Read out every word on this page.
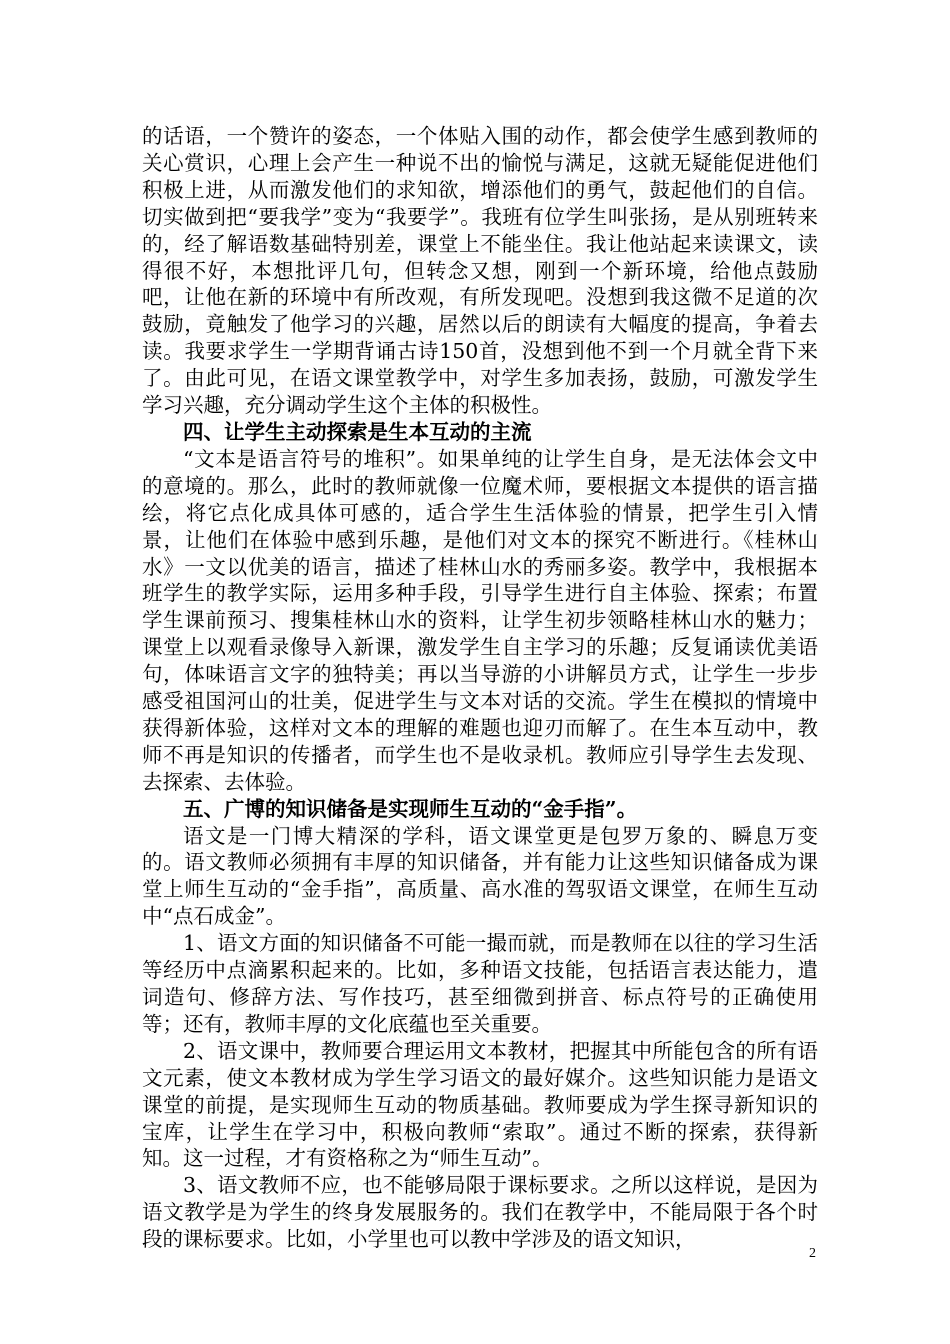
的话语，一个赞许的姿态，一个体贴入围的动作，都会使学生感到教师的关心赏识，心理上会产生一种说不出的愉悦与满足，这就无疑能促进他们积极上进，从而激发他们的求知欲，增添他们的勇气，鼓起他们的自信。切实做到把“要我学”变为“我要学”。我班有位学生叫张扬，是从别班转来的，经了解语数基础特别差，课堂上不能坐住。我让他站起来读课文，读得很不好，本想批评几句，但转念又想，刚到一个新环境，给他点鼓励吧，让他在新的环境中有所改观，有所发现吧。没想到我这微不足道的次鼓励，竟触发了他学习的兴趣，居然以后的朗读有大幅度的提高，争着去读。我要求学生一学期背诵古诗150首，没想到他不到一个月就全背下来了。由此可见，在语文课堂教学中，对学生多加表扬，鼓励，可激发学生学习兴趣，充分调动学生这个主体的积极性。

四、让学生主动探索是生本互动的主流

“文本是语言符号的堆积”。如果单纯的让学生自身，是无法体会文中的意境的。那么，此时的教师就像一位魔术师，要根据文本提供的语言描绘，将它点化成具体可感的，适合学生生活体验的情景，把学生引入情景，让他们在体验中感到乐趣，是他们对文本的探究不断进行。《桂林山水》一文以优美的语言，描述了桂林山水的秀丽多姿。教学中，我根据本班学生的教学实际，运用多种手段，引导学生进行自主体验、探索；布置学生课前预习、搜集桂林山水的资料，让学生初步领略桂林山水的魅力；课堂上以观看录像导入新课，激发学生自主学习的乐趣；反复诵读优美语句，体味语言文字的独特美；再以当导游的小讲解员方式，让学生一步步感受祖国河山的壮美，促进学生与文本对话的交流。学生在模拟的情境中获得新体验，这样对文本的理解的难题也迎刃而解了。在生本互动中，教师不再是知识的传播者，而学生也不是收录机。教师应引导学生去发现、去探索、去体验。

五、广博的知识储备是实现师生互动的“金手指”。

语文是一门博大精深的学科，语文课堂更是包罗万象的、瞬息万变的。语文教师必须拥有丰厚的知识储备，并有能力让这些知识储备成为课堂上师生互动的“金手指”，高质量、高水准的驾驭语文课堂，在师生互动中“点石成金”。

1、语文方面的知识储备不可能一撮而就，而是教师在以往的学习生活等经历中点滴累积起来的。比如，多种语文技能，包括语言表达能力，遣词造句、修辞方法、写作技巧，甚至细微到拼音、标点符号的正确使用等；还有，教师丰厚的文化底蕴也至关重要。

2、语文课中，教师要合理运用文本教材，把握其中所能包含的所有语文元素，使文本教材成为学生学习语文的最好媒介。这些知识能力是语文课堂的前提，是实现师生互动的物质基础。教师要成为学生探寻新知识的宝库，让学生在学习中，积极向教师“索取”。通过不断的探索，获得新知。这一过程，才有资格称之为“师生互动”。

3、语文教师不应，也不能够局限于课标要求。之所以这样说，是因为语文教学是为学生的终身发展服务的。我们在教学中，不能局限于各个时段的课标要求。比如，小学里也可以教中学涉及的语文知识，

2
